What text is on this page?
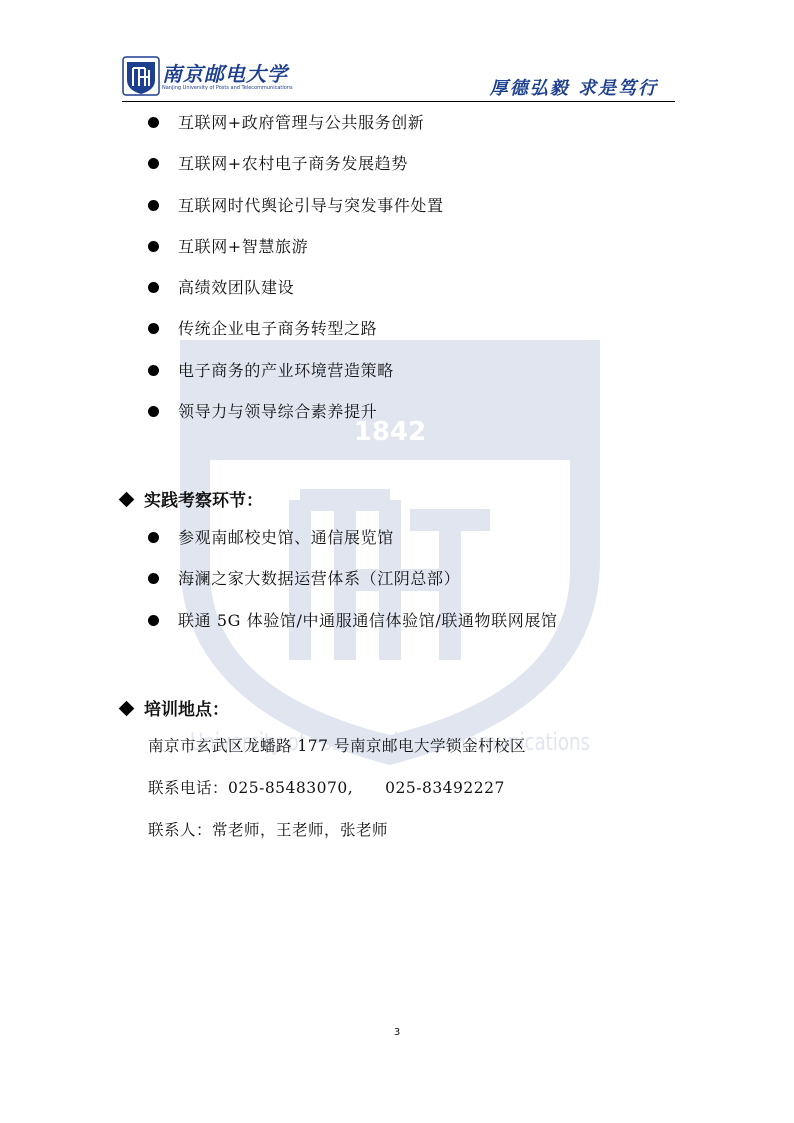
南京邮电大学
Nanjing University of Posts and Telecommunications	厚德弘毅 求是笃行
1842
University of Posts and Telecommunications
互联网+政府管理与公共服务创新
互联网+农村电子商务发展趋势
互联网时代舆论引导与突发事件处置
互联网+智慧旅游
高绩效团队建设
传统企业电子商务转型之路
电子商务的产业环境营造策略
领导力与领导综合素养提升
实践考察环节：
参观南邮校史馆、通信展览馆
海澜之家大数据运营体系（江阴总部）
联通 5G 体验馆/中通服通信体验馆/联通物联网展馆
培训地点：
南京市玄武区龙蟠路 177 号南京邮电大学锁金村校区
联系电话：025-85483070,　　025-83492227
联系人：常老师，王老师，张老师
3
